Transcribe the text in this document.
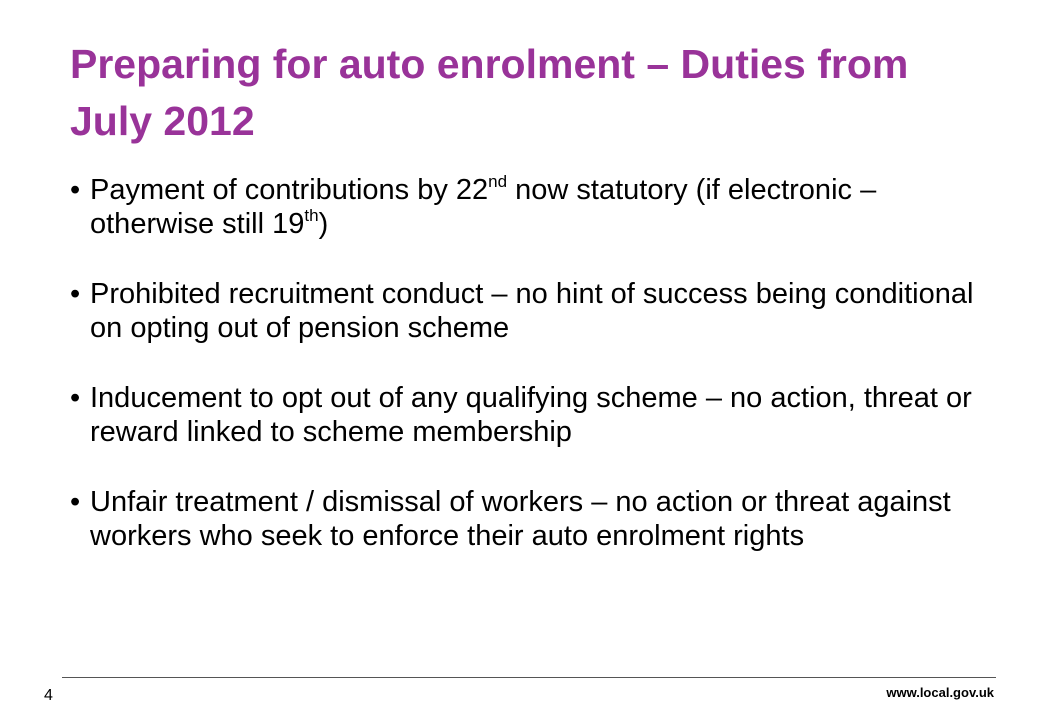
Preparing for auto enrolment – Duties from July 2012
• Payment of contributions by 22nd now statutory (if electronic – otherwise still 19th)
• Prohibited recruitment conduct – no hint of success being conditional on opting out of pension scheme
• Inducement to opt out of any qualifying scheme – no action, threat or reward linked to scheme membership
• Unfair treatment / dismissal of workers – no action or threat against workers who seek to enforce their auto enrolment rights
4	www.local.gov.uk
